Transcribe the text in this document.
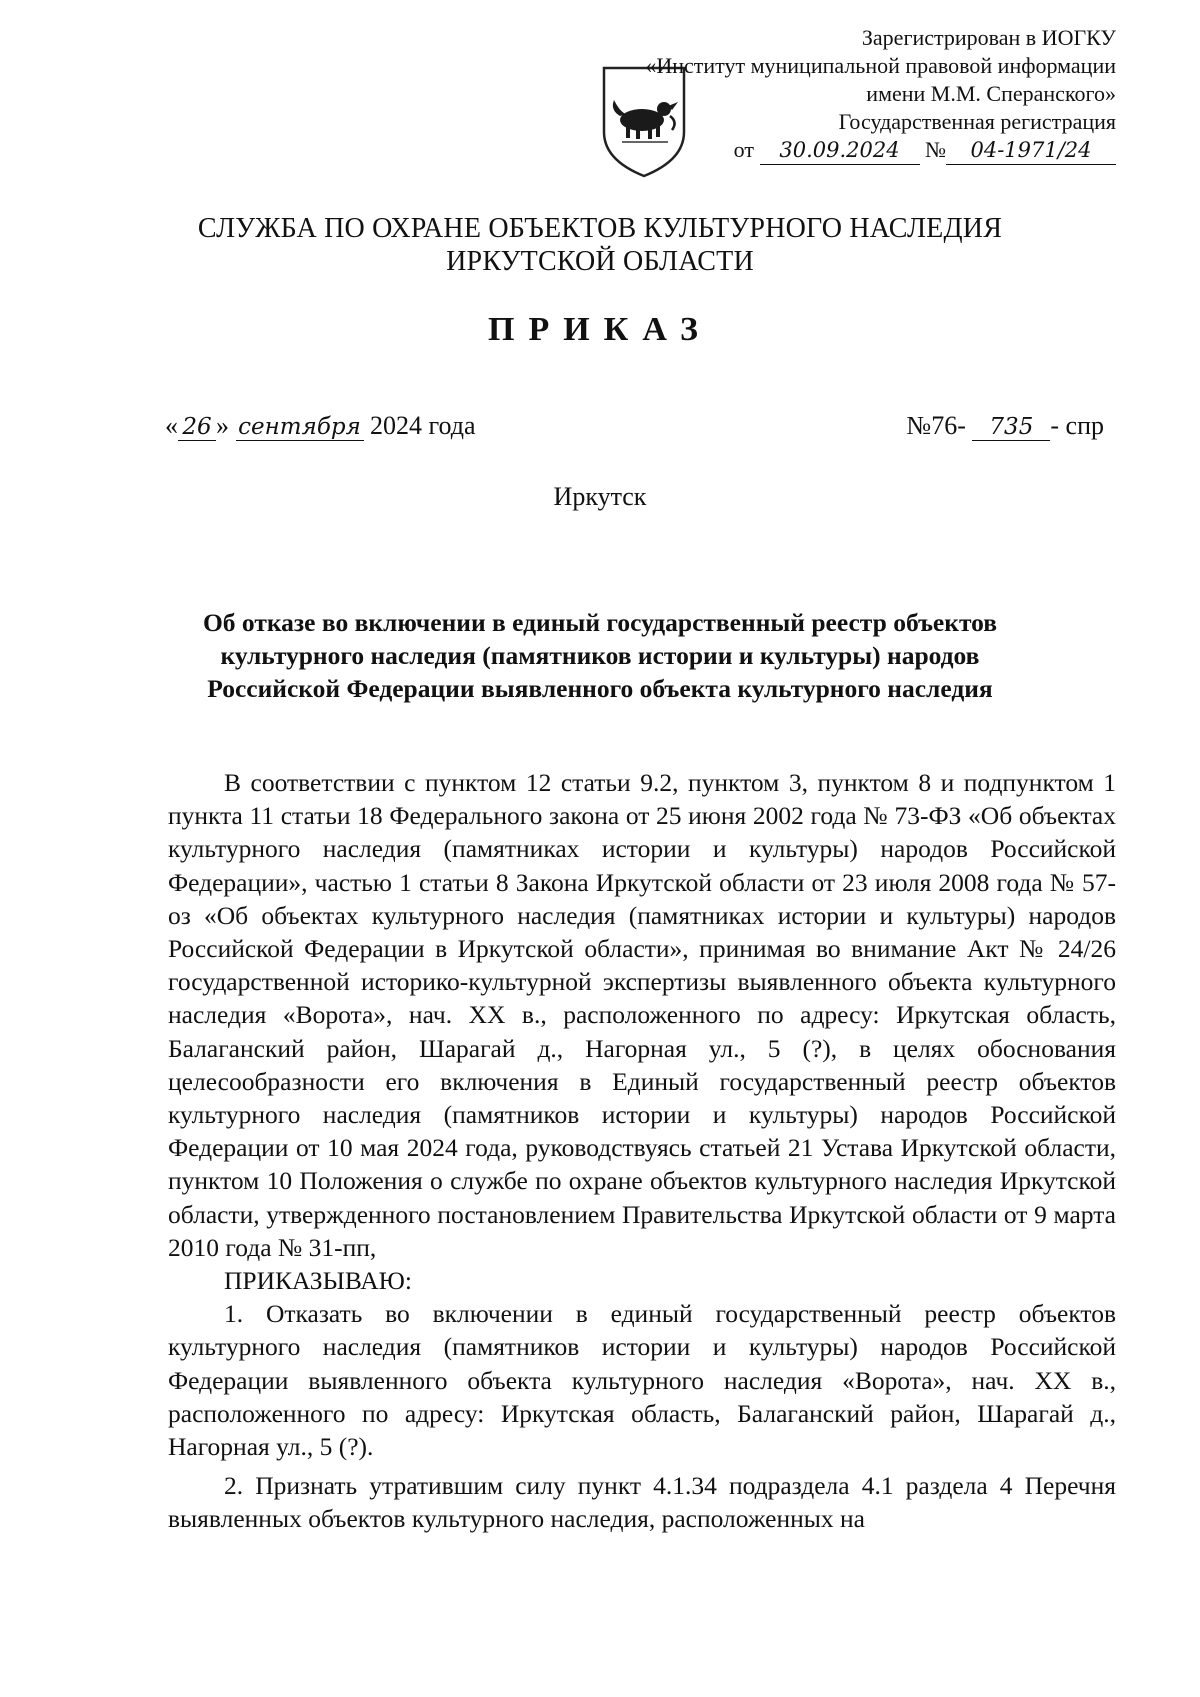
Зарегистрирован в ИОГКУ
«Институт муниципальной правовой информации
имени М.М. Сперанского»
Государственная регистрация
от 30.09.2024 № 04-1971/24
СЛУЖБА ПО ОХРАНЕ ОБЪЕКТОВ КУЛЬТУРНОГО НАСЛЕДИЯ
ИРКУТСКОЙ ОБЛАСТИ
ПРИКАЗ
« 26 » сентября 2024 года	№76- 735 - спр
Иркутск
Об отказе во включении в единый государственный реестр объектов
культурного наследия (памятников истории и культуры) народов
Российской Федерации выявленного объекта культурного наследия

В соответствии с пунктом 12 статьи 9.2, пунктом 3, пунктом 8 и подпунктом 1 пункта 11 статьи 18 Федерального закона от 25 июня 2002 года № 73-ФЗ «Об объектах культурного наследия (памятниках истории и культуры) народов Российской Федерации», частью 1 статьи 8 Закона Иркутской области от 23 июля 2008 года № 57-оз «Об объектах культурного наследия (памятниках истории и культуры) народов Российской Федерации в Иркутской области», принимая во внимание Акт № 24/26 государственной историко-культурной экспертизы выявленного объекта культурного наследия «Ворота», нач. XX в., расположенного по адресу: Иркутская область, Балаганский район, Шарагай д., Нагорная ул., 5 (?), в целях обоснования целесообразности его включения в Единый государственный реестр объектов культурного наследия (памятников истории и культуры) народов Российской Федерации от 10 мая 2024 года, руководствуясь статьей 21 Устава Иркутской области, пунктом 10 Положения о службе по охране объектов культурного наследия Иркутской области, утвержденного постановлением Правительства Иркутской области от 9 марта 2010 года № 31-пп,

ПРИКАЗЫВАЮ:

1. Отказать во включении в единый государственный реестр объектов культурного наследия (памятников истории и культуры) народов Российской Федерации выявленного объекта культурного наследия «Ворота», нач. XX в., расположенного по адресу: Иркутская область, Балаганский район, Шарагай д., Нагорная ул., 5 (?).

2. Признать утратившим силу пункт 4.1.34 подраздела 4.1 раздела 4 Перечня выявленных объектов культурного наследия, расположенных на
